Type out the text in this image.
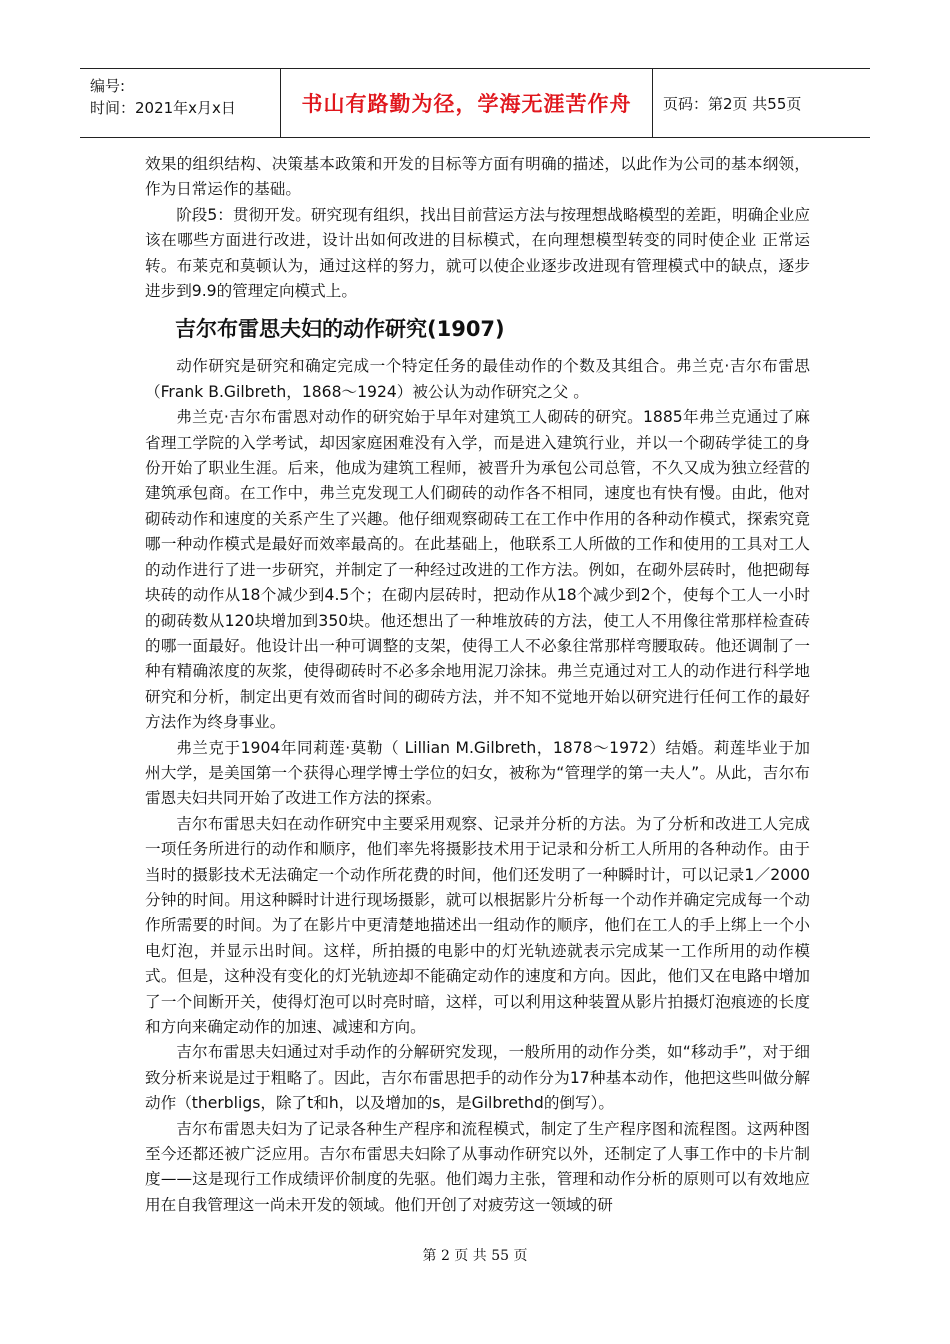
编号:
时间：2021年x月x日	书山有路勤为径，学海无涯苦作舟	页码：第2页 共55页

效果的组织结构、决策基本政策和开发的目标等方面有明确的描述，以此作为公司的基本纲领，作为日常运作的基础。

阶段5：贯彻开发。研究现有组织，找出目前营运方法与按理想战略模型的差距，明确企业应该在哪些方面进行改进，设计出如何改进的目标模式，在向理想模型转变的同时使企业 正常运转。布莱克和莫顿认为，通过这样的努力，就可以使企业逐步改进现有管理模式中的缺点，逐步进步到9.9的管理定向模式上。

吉尔布雷思夫妇的动作研究(1907)

动作研究是研究和确定完成一个特定任务的最佳动作的个数及其组合。弗兰克·吉尔布雷思（Frank B.Gilbreth，1868～1924）被公认为动作研究之父 。

弗兰克·吉尔布雷恩对动作的研究始于早年对建筑工人砌砖的研究。1885年弗兰克通过了麻省理工学院的入学考试，却因家庭困难没有入学，而是进入建筑行业，并以一个砌砖学徒工的身份开始了职业生涯。后来，他成为建筑工程师，被晋升为承包公司总管，不久又成为独立经营的建筑承包商。在工作中，弗兰克发现工人们砌砖的动作各不相同，速度也有快有慢。由此，他对砌砖动作和速度的关系产生了兴趣。他仔细观察砌砖工在工作中作用的各种动作模式，探索究竟哪一种动作模式是最好而效率最高的。在此基础上，他联系工人所做的工作和使用的工具对工人的动作进行了进一步研究，并制定了一种经过改进的工作方法。例如，在砌外层砖时，他把砌每块砖的动作从18个减少到4.5个；在砌内层砖时，把动作从18个减少到2个，使每个工人一小时的砌砖数从120块增加到350块。他还想出了一种堆放砖的方法，使工人不用像往常那样检查砖的哪一面最好。他设计出一种可调整的支架，使得工人不必象往常那样弯腰取砖。他还调制了一种有精确浓度的灰浆，使得砌砖时不必多余地用泥刀涂抹。弗兰克通过对工人的动作进行科学地研究和分析，制定出更有效而省时间的砌砖方法，并不知不觉地开始以研究进行任何工作的最好方法作为终身事业。

弗兰克于1904年同莉莲·莫勒（ Lillian M.Gilbreth，1878～1972）结婚。莉莲毕业于加州大学，是美国第一个获得心理学博士学位的妇女，被称为“管理学的第一夫人”。从此，吉尔布雷恩夫妇共同开始了改进工作方法的探索。

吉尔布雷思夫妇在动作研究中主要采用观察、记录并分析的方法。为了分析和改进工人完成一项任务所进行的动作和顺序，他们率先将摄影技术用于记录和分析工人所用的各种动作。由于当时的摄影技术无法确定一个动作所花费的时间，他们还发明了一种瞬时计，可以记录1／2000分钟的时间。用这种瞬时计进行现场摄影，就可以根据影片分析每一个动作并确定完成每一个动作所需要的时间。为了在影片中更清楚地描述出一组动作的顺序，他们在工人的手上绑上一个小电灯泡，并显示出时间。这样，所拍摄的电影中的灯光轨迹就表示完成某一工作所用的动作模式。但是，这种没有变化的灯光轨迹却不能确定动作的速度和方向。因此，他们又在电路中增加了一个间断开关，使得灯泡可以时亮时暗，这样，可以利用这种装置从影片拍摄灯泡痕迹的长度和方向来确定动作的加速、减速和方向。

吉尔布雷思夫妇通过对手动作的分解研究发现，一般所用的动作分类，如“移动手”，对于细致分析来说是过于粗略了。因此，吉尔布雷思把手的动作分为17种基本动作，他把这些叫做分解动作（therbligs，除了t和h，以及增加的s，是Gilbrethd的倒写）。

吉尔布雷恩夫妇为了记录各种生产程序和流程模式，制定了生产程序图和流程图。这两种图至今还都还被广泛应用。吉尔布雷思夫妇除了从事动作研究以外，还制定了人事工作中的卡片制度——这是现行工作成绩评价制度的先驱。他们竭力主张，管理和动作分析的原则可以有效地应用在自我管理这一尚未开发的领域。他们开创了对疲劳这一领域的研

第 2 页 共 55 页
